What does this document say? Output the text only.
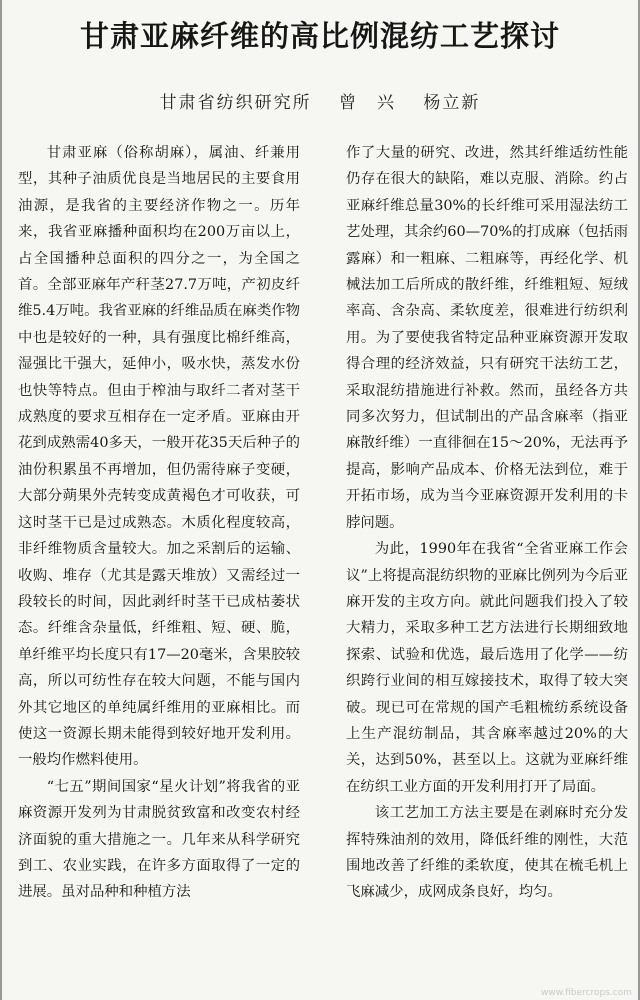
甘肃亚麻纤维的高比例混纺工艺探讨
甘肃省纺织研究所 曾　兴 杨立新

甘肃亚麻（俗称胡麻），属油、纤兼用型，其种子油质优良是当地居民的主要食用油源，是我省的主要经济作物之一。历年来，我省亚麻播种面积均在200万亩以上，占全国播种总面积的四分之一，为全国之首。全部亚麻年产秆茎27.7万吨，产初皮纤维5.4万吨。我省亚麻的纤维品质在麻类作物中也是较好的一种，具有强度比棉纤维高，湿强比干强大，延伸小，吸水快，蒸发水份也快等特点。但由于榨油与取纤二者对茎干成熟度的要求互相存在一定矛盾。亚麻由开花到成熟需40多天，一般开花35天后种子的油份积累虽不再增加，但仍需待麻子变硬，大部分蒴果外壳转变成黄褐色才可收获，可这时茎干已是过成熟态。木质化程度较高，非纤维物质含量较大。加之采割后的运输、收购、堆存（尤其是露天堆放）又需经过一段较长的时间，因此剥纤时茎干已成枯萎状态。纤维含杂量低，纤维粗、短、硬、脆，单纤维平均长度只有17—20毫米，含果胶较高，所以可纺性存在较大问题，不能与国内外其它地区的单纯属纤维用的亚麻相比。而使这一资源长期未能得到较好地开发利用。一般均作燃料使用。

“七五”期间国家“星火计划”将我省的亚麻资源开发列为甘肃脱贫致富和改变农村经济面貌的重大措施之一。几年来从科学研究到工、农业实践，在许多方面取得了一定的进展。虽对品种和种植方法

作了大量的研究、改进，然其纤维适纺性能仍存在很大的缺陷，难以克服、消除。约占亚麻纤维总量30%的长纤维可采用湿法纺工艺处理，其余约60—70%的打成麻（包括雨露麻）和一粗麻、二粗麻等，再经化学、机械法加工后所成的散纤维，纤维粗短、短绒率高、含杂高、柔软度差，很难进行纺织利用。为了要使我省特定品种亚麻资源开发取得合理的经济效益，只有研究干法纺工艺，采取混纺措施进行补救。然而，虽经各方共同多次努力，但试制出的产品含麻率（指亚麻散纤维）一直徘徊在15～20%，无法再予提高，影响产品成本、价格无法到位，难于开拓市场，成为当今亚麻资源开发利用的卡脖问题。

为此，1990年在我省“全省亚麻工作会议”上将提高混纺织物的亚麻比例列为今后亚麻开发的主攻方向。就此问题我们投入了较大精力，采取多种工艺方法进行长期细致地探索、试验和优选，最后选用了化学——纺织跨行业间的相互嫁接技术，取得了较大突破。现已可在常规的国产毛粗梳纺系统设备上生产混纺制品，其含麻率越过20%的大关，达到50%，甚至以上。这就为亚麻纤维在纺织工业方面的开发利用打开了局面。

该工艺加工方法主要是在剥麻时充分发挥特殊油剂的效用，降低纤维的刚性，大范围地改善了纤维的柔软度，使其在梳毛机上飞麻减少，成网成条良好，均匀。

www.fibercrops.com
